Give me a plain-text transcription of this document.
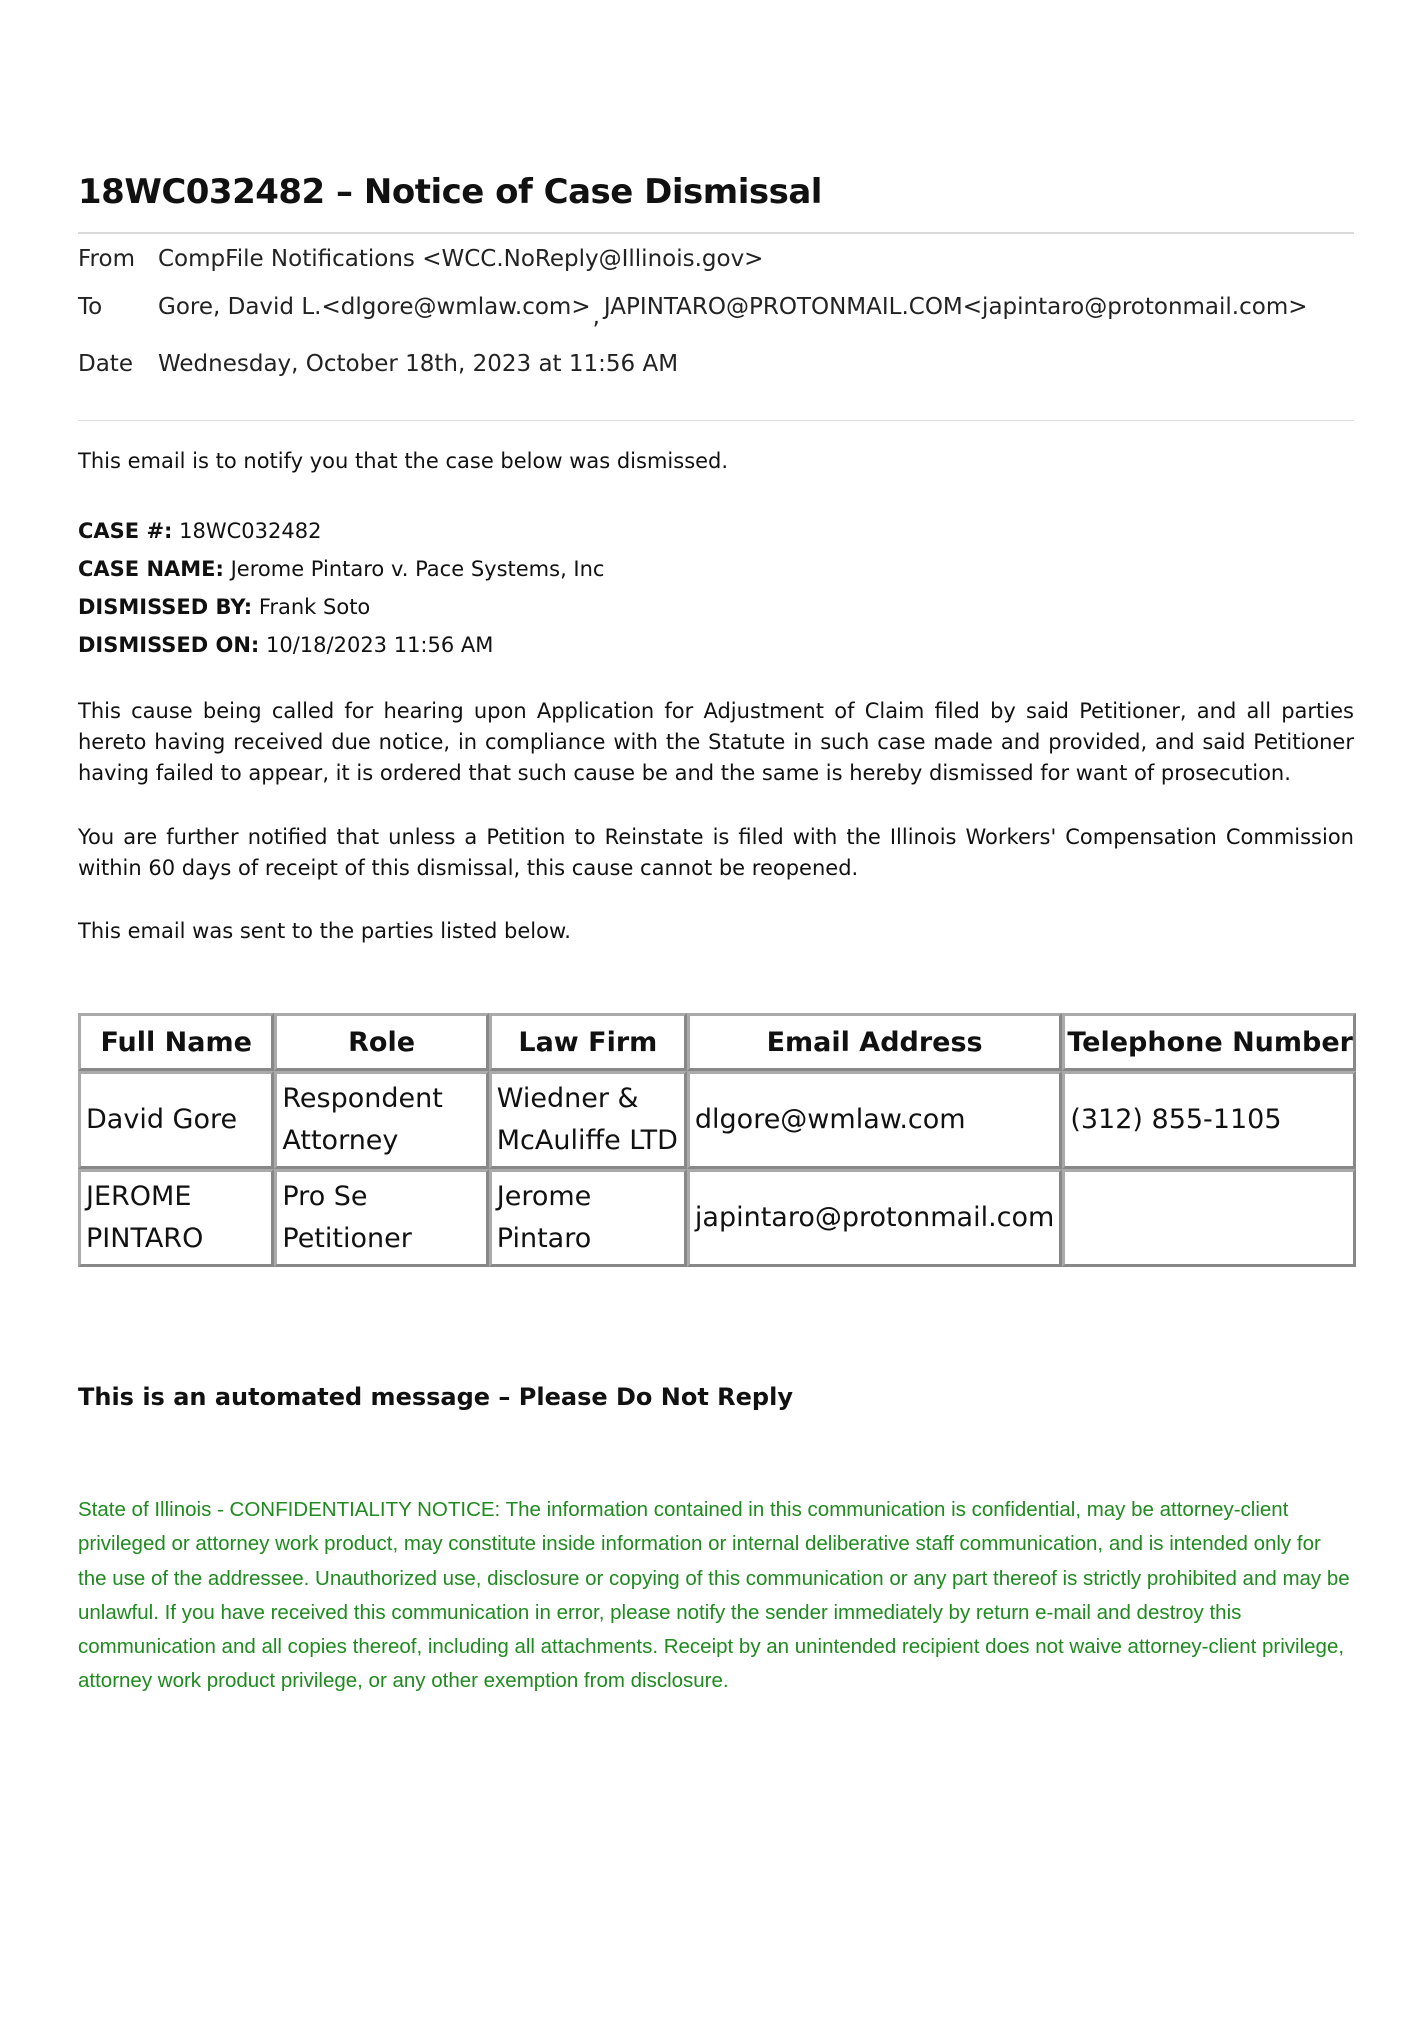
18WC032482 – Notice of Case Dismissal
From	CompFile Notifications <WCC.NoReply@Illinois.gov>
To	Gore, David L.<dlgore@wmlaw.com>, JAPINTARO@PROTONMAIL.COM<japintaro@protonmail.com>
Date	Wednesday, October 18th, 2023 at 11:56 AM
This email is to notify you that the case below was dismissed.
CASE #: 18WC032482
CASE NAME: Jerome Pintaro v. Pace Systems, Inc
DISMISSED BY: Frank Soto
DISMISSED ON: 10/18/2023 11:56 AM
This cause being called for hearing upon Application for Adjustment of Claim filed by said Petitioner, and all parties hereto having received due notice, in compliance with the Statute in such case made and provided, and said Petitioner having failed to appear, it is ordered that such cause be and the same is hereby dismissed for want of prosecution.
You are further notified that unless a Petition to Reinstate is filed with the Illinois Workers' Compensation Commission within 60 days of receipt of this dismissal, this cause cannot be reopened.
This email was sent to the parties listed below.
Full Name	Role	Law Firm	Email Address	Telephone Number
David Gore	Respondent Attorney	Wiedner & McAuliffe LTD	dlgore@wmlaw.com	(312) 855-1105
JEROME PINTARO	Pro Se Petitioner	Jerome Pintaro	japintaro@protonmail.com	
This is an automated message – Please Do Not Reply
State of Illinois - CONFIDENTIALITY NOTICE: The information contained in this communication is confidential, may be attorney-client privileged or attorney work product, may constitute inside information or internal deliberative staff communication, and is intended only for the use of the addressee. Unauthorized use, disclosure or copying of this communication or any part thereof is strictly prohibited and may be unlawful. If you have received this communication in error, please notify the sender immediately by return e-mail and destroy this communication and all copies thereof, including all attachments. Receipt by an unintended recipient does not waive attorney-client privilege, attorney work product privilege, or any other exemption from disclosure.
